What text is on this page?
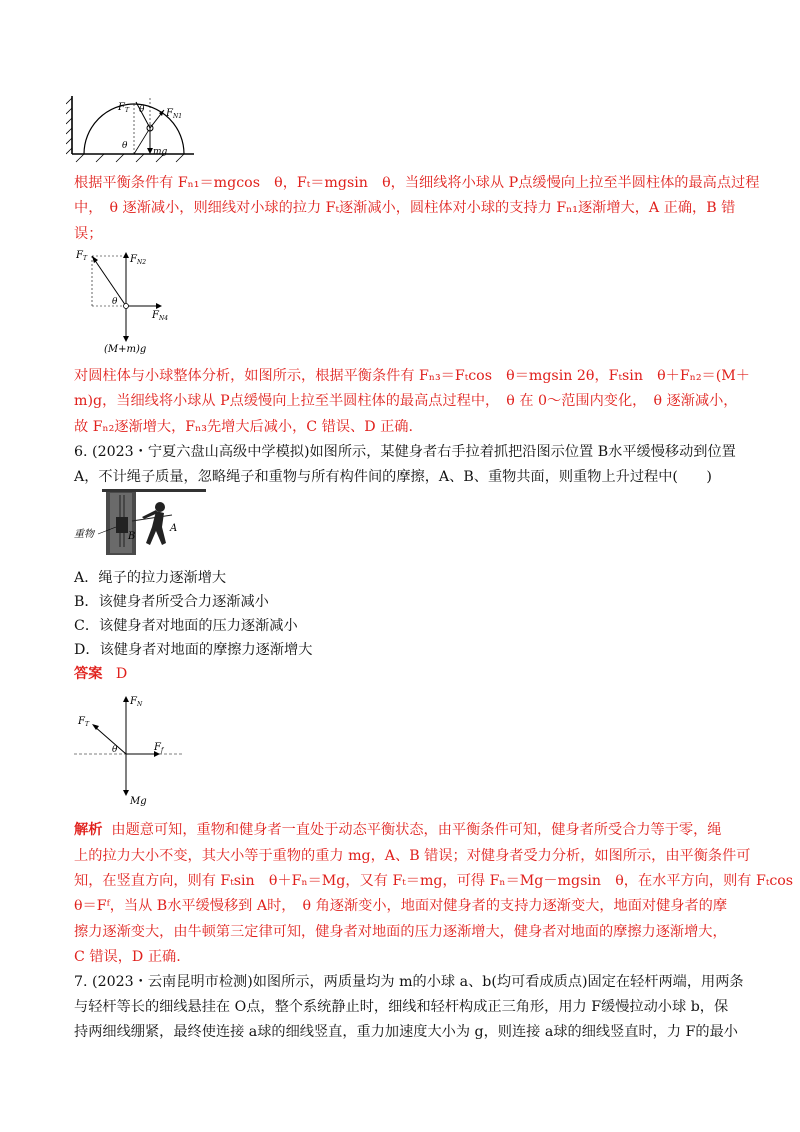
$F_T$	$F_{N1}$
θ
θ
mg
根据平衡条件有 Fₙ₁＝mgcos　θ，Fₜ＝mgsin　θ，当细线将小球从 P点缓慢向上拉至半圆柱体的最高点过程
中，　θ 逐渐减小，则细线对小球的拉力 Fₜ逐渐减小，圆柱体对小球的支持力 Fₙ₁逐渐增大，A 正确，B 错
误；
$F_T$	$F_{N2}$
$F_{N4}$
θ
(M+m)g
对圆柱体与小球整体分析，如图所示，根据平衡条件有 Fₙ₃＝Fₜcos　θ＝mgsin 2θ，Fₜsin　θ＋Fₙ₂＝(M＋
m)g，当细线将小球从 P点缓慢向上拉至半圆柱体的最高点过程中，　θ 在 0～范围内变化，　θ 逐渐减小，
故 Fₙ₂逐渐增大，Fₙ₃先增大后减小，C 错误、D 正确.
6. (2023・宁夏六盘山高级中学模拟)如图所示，某健身者右手拉着抓把沿图示位置 B水平缓慢移动到位置
A，不计绳子质量，忽略绳子和重物与所有构件间的摩擦，A、B、重物共面，则重物上升过程中(　　)
重物	B
A
A．绳子的拉力逐渐增大
B．该健身者所受合力逐渐减小
C．该健身者对地面的压力逐渐减小
D．该健身者对地面的摩擦力逐渐增大
答案 D
$F_N$
$F_T$
$F_f$
θ
Mg
解析 由题意可知，重物和健身者一直处于动态平衡状态，由平衡条件可知，健身者所受合力等于零，绳
上的拉力大小不变，其大小等于重物的重力 mg，A、B 错误；对健身者受力分析，如图所示，由平衡条件可
知，在竖直方向，则有 Fₜsin　θ＋Fₙ＝Mg，又有 Fₜ＝mg，可得 Fₙ＝Mg－mgsin　θ，在水平方向，则有 Fₜcos
θ＝Fᶠ，当从 B水平缓慢移到 A时，　θ 角逐渐变小，地面对健身者的支持力逐渐变大，地面对健身者的摩
擦力逐渐变大，由牛顿第三定律可知，健身者对地面的压力逐渐增大，健身者对地面的摩擦力逐渐增大，
C 错误，D 正确.
7. (2023・云南昆明市检测)如图所示，两质量均为 m的小球 a、b(均可看成质点)固定在轻杆两端，用两条
与轻杆等长的细线悬挂在 O点，整个系统静止时，细线和轻杆构成正三角形，用力 F缓慢拉动小球 b，保
持两细线绷紧，最终使连接 a球的细线竖直，重力加速度大小为 g，则连接 a球的细线竖直时，力 F的最小
